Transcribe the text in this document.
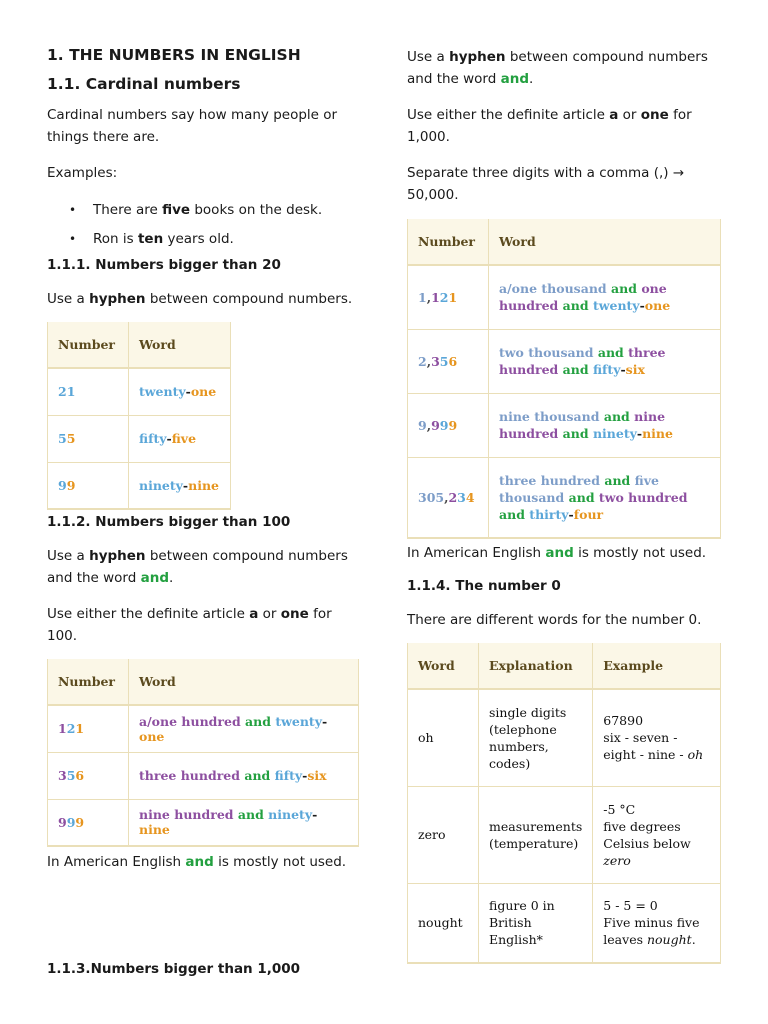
1. THE NUMBERS IN ENGLISH
1.1. Cardinal numbers
Cardinal numbers say how many people or things there are.
Examples:
• There are five books on the desk.
• Ron is ten years old.
1.1.1. Numbers bigger than 20
Use a hyphen between compound numbers.
Number	Word
21	twenty-one
55	fifty-five
99	ninety-nine
1.1.2. Numbers bigger than 100
Use a hyphen between compound numbers and the word and.
Use either the definite article a or one for 100.
Number	Word
121	a/one hundred and twenty-one
356	three hundred and fifty-six
999	nine hundred and ninety-nine
In American English and is mostly not used.
1.1.3.Numbers bigger than 1,000
Use a hyphen between compound numbers and the word and.
Use either the definite article a or one for 1,000.
Separate three digits with a comma (,) → 50,000.
Number	Word
1,121	a/one thousand and one hundred and twenty-one
2,356	two thousand and three hundred and fifty-six
9,999	nine thousand and nine hundred and ninety-nine
305,234	three hundred and five thousand and two hundred and thirty-four
In American English and is mostly not used.
1.1.4. The number 0
There are different words for the number 0.
Word	Explanation	Example
oh	single digits (telephone numbers, codes)	67890
six - seven - eight - nine - oh
zero	measurements (temperature)	-5 °C
five degrees Celsius below zero
nought	figure 0 in British English*	5 - 5 = 0
Five minus five leaves nought.
